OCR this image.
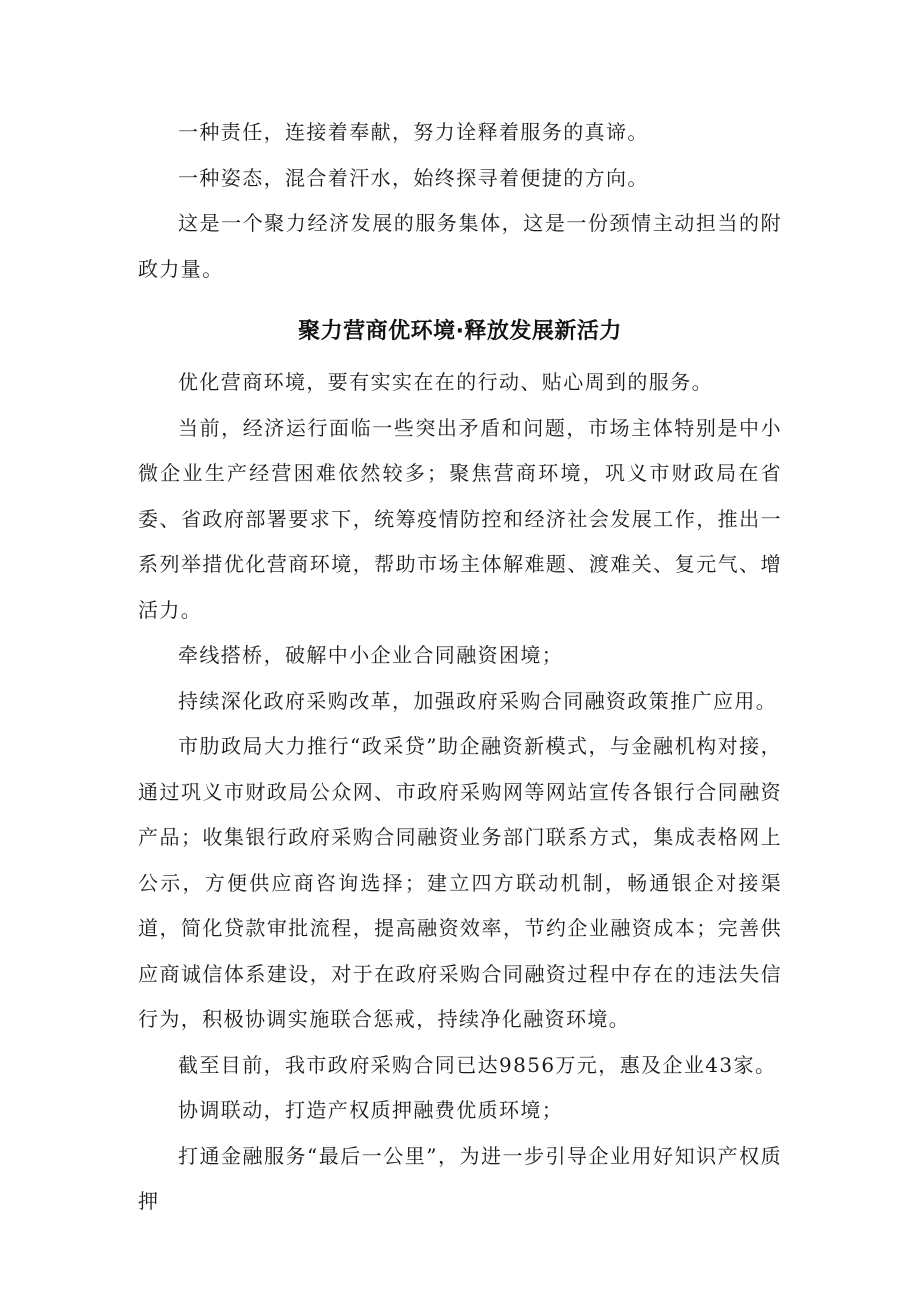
一种责任，连接着奉献，努力诠释着服务的真谛。

一种姿态，混合着汗水，始终探寻着便捷的方向。

这是一个聚力经济发展的服务集体，这是一份颈情主动担当的附政力量。

聚力营商优环境·释放发展新活力

优化营商环境，要有实实在在的行动、贴心周到的服务。

当前，经济运行面临一些突出矛盾和问题，市场主体特别是中小微企业生产经营困难依然较多；聚焦营商环境，巩义市财政局在省委、省政府部署要求下，统筹疫情防控和经济社会发展工作，推出一系列举措优化营商环境，帮助市场主体解难题、渡难关、复元气、增活力。

牵线搭桥，破解中小企业合同融资困境；

持续深化政府采购改革，加强政府采购合同融资政策推广应用。

市肋政局大力推行“政采贷”助企融资新模式，与金融机构对接，通过巩义市财政局公众网、市政府采购网等网站宣传各银行合同融资产品；收集银行政府采购合同融资业务部门联系方式，集成表格网上公示，方便供应商咨询选择；建立四方联动机制，畅通银企对接渠道，简化贷款审批流程，提高融资效率，节约企业融资成本；完善供应商诚信体系建设，对于在政府采购合同融资过程中存在的违法失信行为，积极协调实施联合惩戒，持续净化融资环境。

截至目前，我市政府采购合同已达9856万元，惠及企业43家。

协调联动，打造产权质押融费优质环境；

打通金融服务“最后一公里”，为进一步引导企业用好知识产权质押
